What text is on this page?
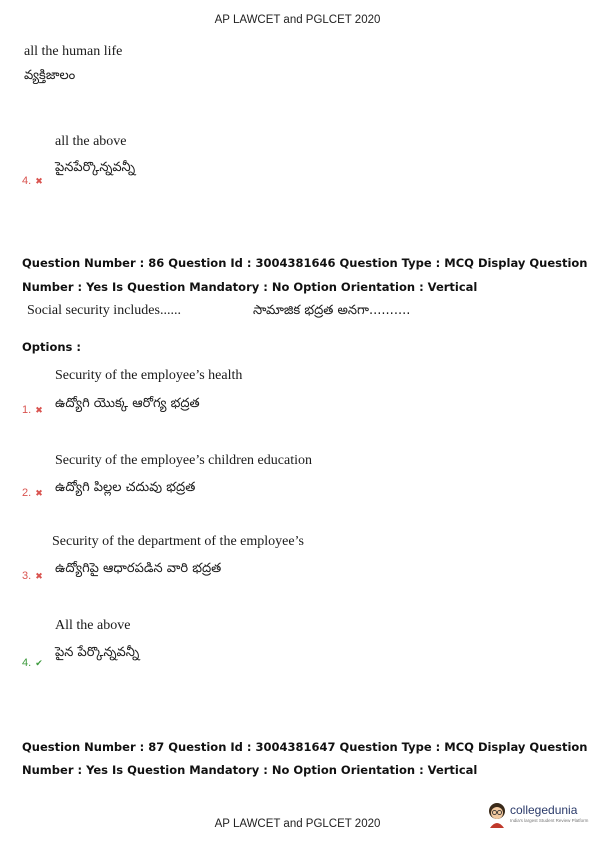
AP LAWCET and PGLCET 2020
all the human life
వ్యక్తిజాలం
all the above
పైనపేర్కొన్నవన్నీ
4. ✖
Question Number : 86 Question Id : 3004381646 Question Type : MCQ Display Question
Number : Yes Is Question Mandatory : No Option Orientation : Vertical
Social security includes......	సామాజిక భద్రత అనగా..........
Options :
Security of the employee’s health
ఉద్యోగి యొక్క ఆరోగ్య భద్రత
1. ✖
Security of the employee’s children education
ఉద్యోగి పిల్లల చదువు భద్రత
2. ✖
Security of the department of the employee’s
ఉద్యోగిపై ఆధారపడిన వారి భద్రత
3. ✖
All the above
పైన పేర్కొన్నవన్నీ
4. ✔
Question Number : 87 Question Id : 3004381647 Question Type : MCQ Display Question
Number : Yes Is Question Mandatory : No Option Orientation : Vertical
collegedunia
India's largest Student Review Platform
AP LAWCET and PGLCET 2020
